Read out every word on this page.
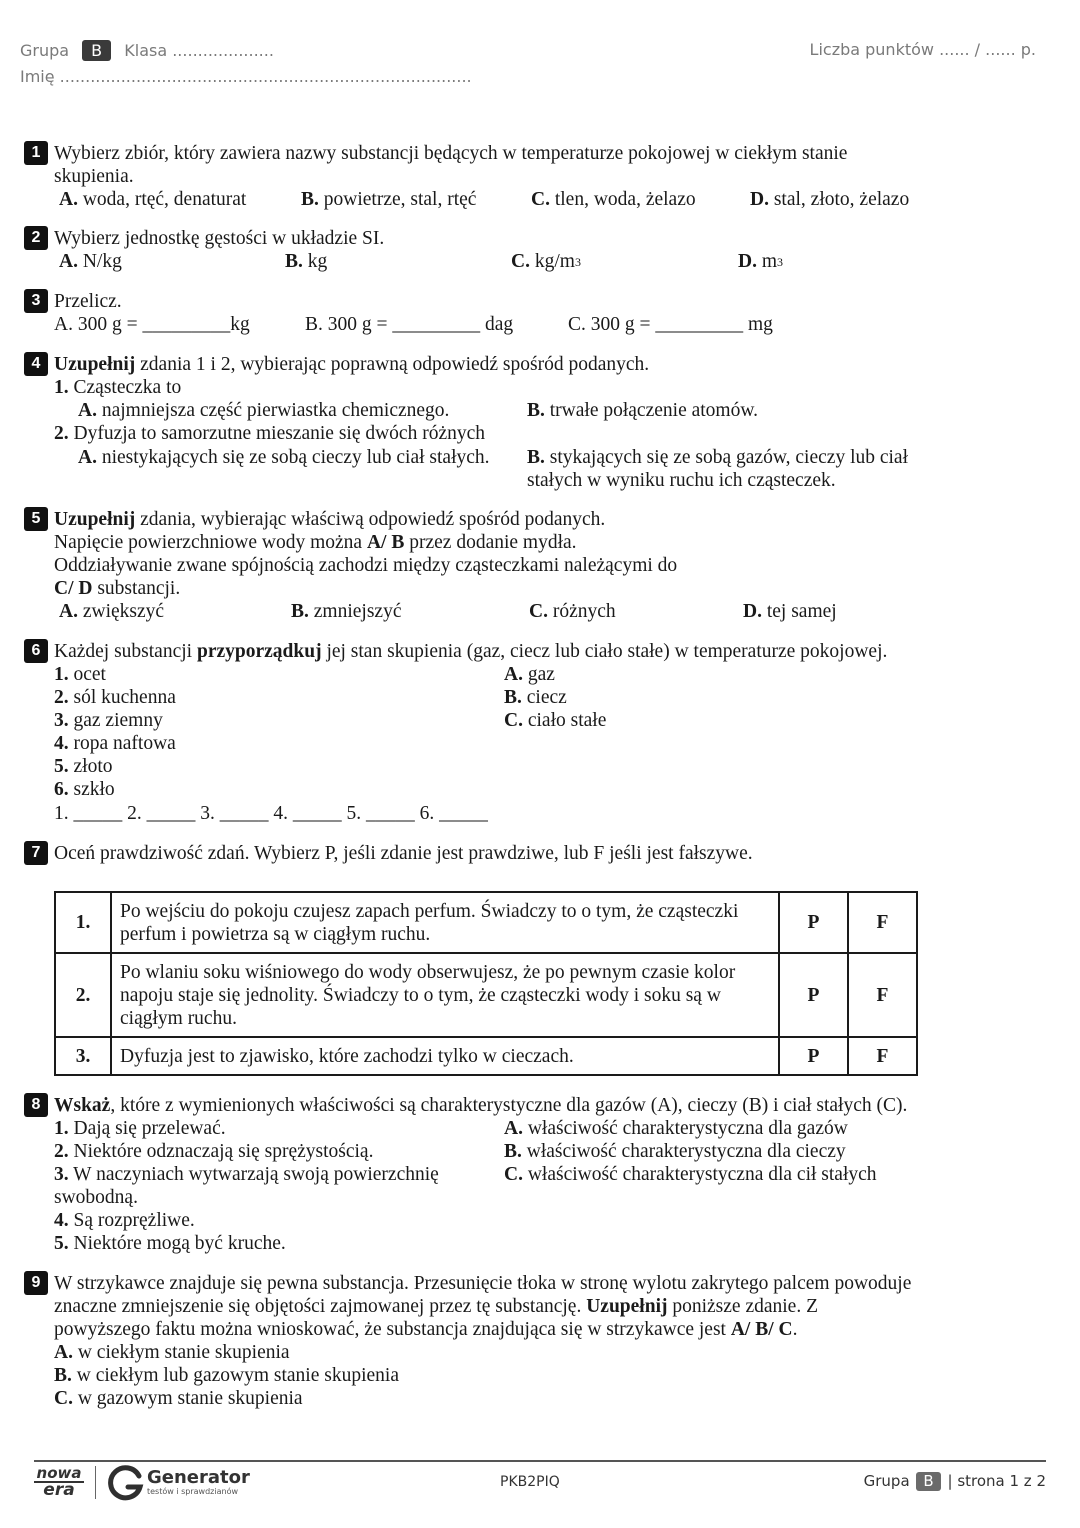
Grupa B Klasa ....................	Liczba punktów ...... / ...... p.
Imię .................................................................................
1 Wybierz zbiór, który zawiera nazwy substancji będących w temperaturze pokojowej w ciekłym stanie
skupienia.
A. woda, rtęć, denaturat	B. powietrze, stal, rtęć	C. tlen, woda, żelazo	D. stal, złoto, żelazo
2 Wybierz jednostkę gęstości w układzie SI.
A. N/kg	B. kg	C. $kg/m^3$	D. $m^3$
3 Przelicz.
A. 300 g = _________kg	B. 300 g = _________ dag	C. 300 g = _________ mg
4 Uzupełnij zdania 1 i 2, wybierając poprawną odpowiedź spośród podanych.
1. Cząsteczka to
A. najmniejsza część pierwiastka chemicznego.	B. trwałe połączenie atomów.
2. Dyfuzja to samorzutne mieszanie się dwóch różnych
A. niestykających się ze sobą cieczy lub ciał stałych. B. stykających się ze sobą gazów, cieczy lub ciał
stałych w wyniku ruchu ich cząsteczek.
5 Uzupełnij zdania, wybierając właściwą odpowiedź spośród podanych.
Napięcie powierzchniowe wody można A/ B przez dodanie mydła.
Oddziaływanie zwane spójnością zachodzi między cząsteczkami należącymi do
C/ D substancji.
A. zwiększyć	B. zmniejszyć	C. różnych	D. tej samej
6 Każdej substancji przyporządkuj jej stan skupienia (gaz, ciecz lub ciało stałe) w temperaturze pokojowej.
1. ocet
2. sól kuchenna
3. gaz ziemny
4. ropa naftowa
5. złoto
6. szkło
A. gaz
B. ciecz
C. ciało stałe
1. _____ 2. _____ 3. _____ 4. _____ 5. _____ 6. _____
7 Oceń prawdziwość zdań. Wybierz P, jeśli zdanie jest prawdziwe, lub F jeśli jest fałszywe.
1.	Po wejściu do pokoju czujesz zapach perfum. Świadczy to o tym, że cząsteczki perfum i powietrza są w ciągłym ruchu.	P	F
2.	Po wlaniu soku wiśniowego do wody obserwujesz, że po pewnym czasie kolor napoju staje się jednolity. Świadczy to o tym, że cząsteczki wody i soku są w ciągłym ruchu.	P	F
3.	Dyfuzja jest to zjawisko, które zachodzi tylko w cieczach.	P	F
8 Wskaż, które z wymienionych właściwości są charakterystyczne dla gazów (A), cieczy (B) i ciał stałych (C).
1. Dają się przelewać.
2. Niektóre odznaczają się sprężystością.
3. W naczyniach wytwarzają swoją powierzchnię
swobodną.
4. Są rozprężliwe.
5. Niektóre mogą być kruche.
A. właściwość charakterystyczna dla gazów
B. właściwość charakterystyczna dla cieczy
C. właściwość charakterystyczna dla cił stałych
9 W strzykawce znajduje się pewna substancja. Przesunięcie tłoka w stronę wylotu zakrytego palcem powoduje
znaczne zmniejszenie się objętości zajmowanej przez tę substancję. Uzupełnij poniższe zdanie. Z
powyższego faktu można wnioskować, że substancja znajdująca się w strzykawce jest A/ B/ C.
A. w ciekłym stanie skupienia
B. w ciekłym lub gazowym stanie skupienia
C. w gazowym stanie skupienia
nowa
era
Generator
testów i sprawdzianów
PKB2PIQ	Grupa B | strona 1 z 2
